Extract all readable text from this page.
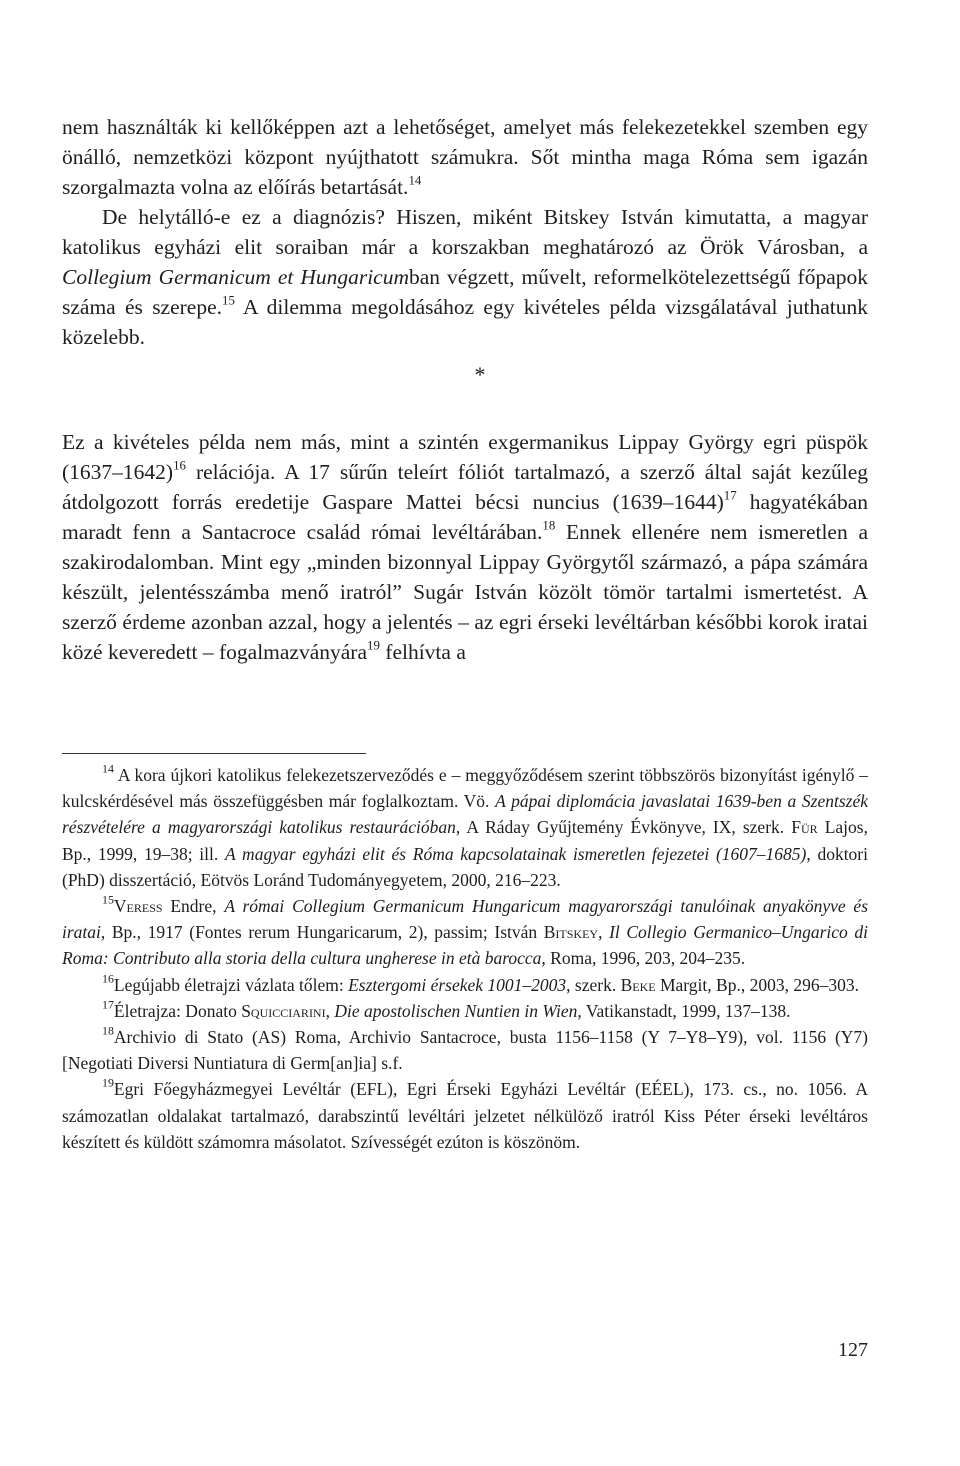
nem használták ki kellőképpen azt a lehetőséget, amelyet más felekezetekkel szemben egy önálló, nemzetközi központ nyújthatott számukra. Sőt mintha maga Róma sem igazán szorgalmazta volna az előírás betartását.$^{14}$

De helytálló-e ez a diagnózis? Hiszen, miként Bitskey István kimutatta, a magyar katolikus egyházi elit soraiban már a korszakban meghatározó az Örök Városban, a Collegium Germanicum et Hungaricumban végzett, művelt, reformelkötelezettségű főpapok száma és szerepe.$^{15}$ A dilemma megoldásához egy kivételes példa vizsgálatával juthatunk közelebb.

*

Ez a kivételes példa nem más, mint a szintén exgermanikus Lippay György egri püspök (1637–1642)$^{16}$ relációja. A 17 sűrűn teleírt fóliót tartalmazó, a szerző által saját kezűleg átdolgozott forrás eredetije Gaspare Mattei bécsi nuncius (1639–1644)$^{17}$ hagyatékában maradt fenn a Santacroce család római levéltárában.$^{18}$ Ennek ellenére nem ismeretlen a szakirodalomban. Mint egy „minden bizonnyal Lippay Györgytől származó, a pápa számára készült, jelentésszámba menő iratról” Sugár István közölt tömör tartalmi ismertetést. A szerző érdeme azonban azzal, hogy a jelentés – az egri érseki levéltárban későbbi korok iratai közé keveredett – fogalmazványára$^{19}$ felhívta a

$^{14}$ A kora újkori katolikus felekezetszerveződés e – meggyőződésem szerint többszörös bizonyítást igénylő – kulcskérdésével más összefüggésben már foglalkoztam. Vö. A pápai diplomácia javaslatai 1639-ben a Szentszék részvételére a magyarországi katolikus restaurációban, A Ráday Gyűjtemény Évkönyve, IX, szerk. Für Lajos, Bp., 1999, 19–38; ill. A magyar egyházi elit és Róma kapcsolatainak ismeretlen fejezetei (1607–1685), doktori (PhD) disszertáció, Eötvös Loránd Tudományegyetem, 2000, 216–223.

$^{15}$Veress Endre, A római Collegium Germanicum Hungaricum magyarországi tanulóinak anyakönyve és iratai, Bp., 1917 (Fontes rerum Hungaricarum, 2), passim; István Bitskey, Il Collegio Germanico–Ungarico di Roma: Contributo alla storia della cultura ungherese in età barocca, Roma, 1996, 203, 204–235.

$^{16}$Legújabb életrajzi vázlata tőlem: Esztergomi érsekek 1001–2003, szerk. Beke Margit, Bp., 2003, 296–303.

$^{17}$Életrajza: Donato Squicciarini, Die apostolischen Nuntien in Wien, Vatikanstadt, 1999, 137–138.

$^{18}$Archivio di Stato (AS) Roma, Archivio Santacroce, busta 1156–1158 (Y 7–Y8–Y9), vol. 1156 (Y7) [Negotiati Diversi Nuntiatura di Germ[an]ia] s.f.

$^{19}$Egri Főegyházmegyei Levéltár (EFL), Egri Érseki Egyházi Levéltár (EÉEL), 173. cs., no. 1056. A számozatlan oldalakat tartalmazó, darabszintű levéltári jelzetet nélkülöző iratról Kiss Péter érseki levéltáros készített és küldött számomra másolatot. Szívességét ezúton is köszönöm.

127
